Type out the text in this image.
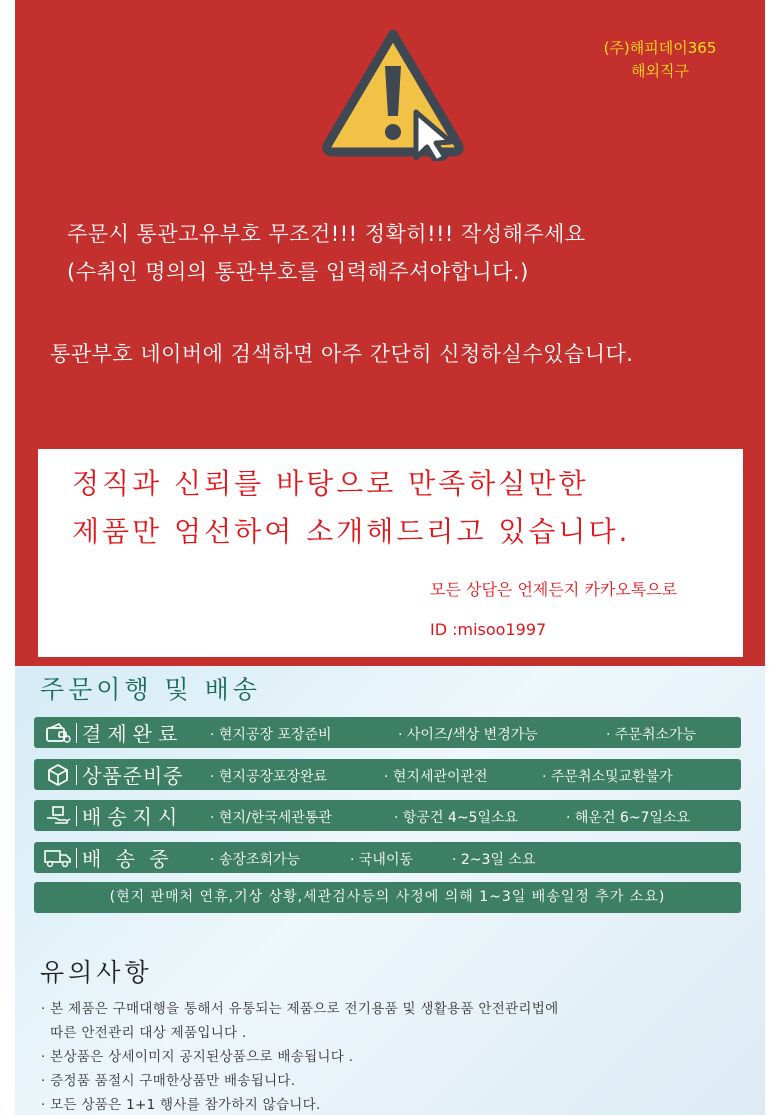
(주)해피데이365
해외직구
주문시 통관고유부호 무조건!!! 정확히!!! 작성해주세요
(수취인 명의의 통관부호를 입력해주셔야합니다.)
통관부호 네이버에 검색하면 아주 간단히 신청하실수있습니다.
정직과 신뢰를 바탕으로 만족하실만한
제품만 엄선하여 소개해드리고 있습니다.
모든 상담은 언제든지 카카오톡으로
ID :misoo1997
주문이행 및 배송
결제완료 · 현지공장 포장준비	· 사이즈/색상 변경가능	· 주문취소가능
상품준비중 · 현지공장포장완료	· 현지세관이관전	· 주문취소및교환불가
배송지시 · 현지/한국세관통관	· 항공건 4~5일소요	· 해운건 6~7일소요
배 송 중	· 송장조회가능	· 국내이동	· 2~3일 소요
(현지 판매처 연휴,기상 상황,세관검사등의 사정에 의해 1~3일 배송일정 추가 소요)
유의사항
· 본 제품은 구매대행을 통해서 유통되는 제품으로 전기용품 및 생활용품 안전관리법에
따른 안전관리 대상 제품입니다 .
· 본상품은 상세이미지 공지된상품으로 배송됩니다 .
· 증정품 품절시 구매한상품만 배송됩니다.
· 모든 상품은 1+1 행사를 참가하지 않습니다.
